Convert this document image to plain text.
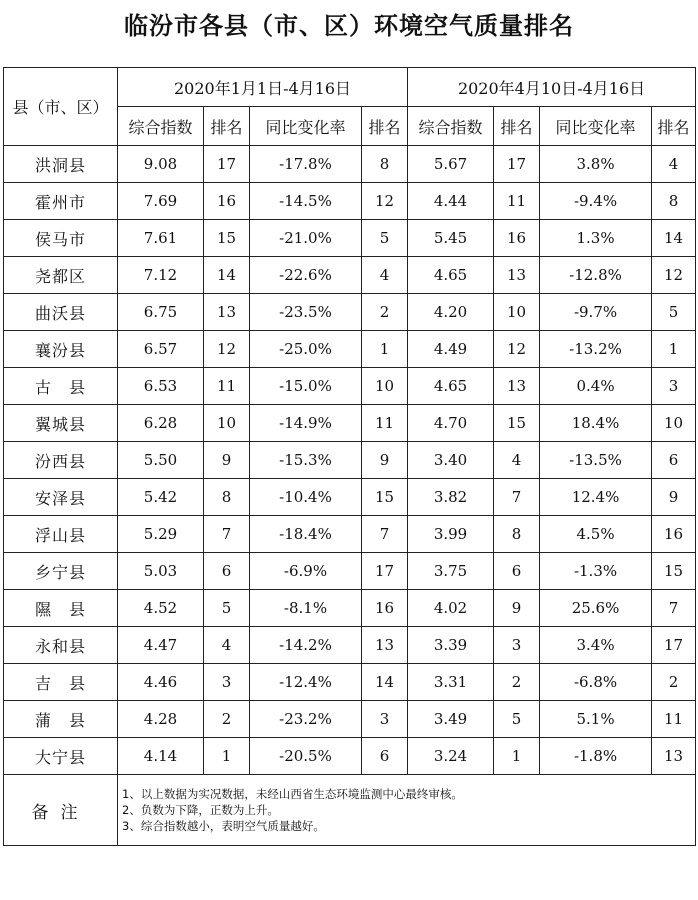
临汾市各县（市、区）环境空气质量排名
县（市、区）	2020年1月1日-4月16日				2020年4月10日-4月16日			
	综合指数	排名	同比变化率	排名	综合指数	排名	同比变化率	排名
洪洞县	9.08	17	-17.8%	8	5.67	17	3.8%	4
霍州市	7.69	16	-14.5%	12	4.44	11	-9.4%	8
侯马市	7.61	15	-21.0%	5	5.45	16	1.3%	14
尧都区	7.12	14	-22.6%	4	4.65	13	-12.8%	12
曲沃县	6.75	13	-23.5%	2	4.20	10	-9.7%	5
襄汾县	6.57	12	-25.0%	1	4.49	12	-13.2%	1
古　县	6.53	11	-15.0%	10	4.65	13	0.4%	3
翼城县	6.28	10	-14.9%	11	4.70	15	18.4%	10
汾西县	5.50	9	-15.3%	9	3.40	4	-13.5%	6
安泽县	5.42	8	-10.4%	15	3.82	7	12.4%	9
浮山县	5.29	7	-18.4%	7	3.99	8	4.5%	16
乡宁县	5.03	6	-6.9%	17	3.75	6	-1.3%	15
隰　县	4.52	5	-8.1%	16	4.02	9	25.6%	7
永和县	4.47	4	-14.2%	13	3.39	3	3.4%	17
吉　县	4.46	3	-12.4%	14	3.31	2	-6.8%	2
蒲　县	4.28	2	-23.2%	3	3.49	5	5.1%	11
大宁县	4.14	1	-20.5%	6	3.24	1	-1.8%	13
备注	1、以上数据为实况数据，未经山西省生态环境监测中心最终审核。
2、负数为下降，正数为上升。
3、综合指数越小，表明空气质量越好。							
